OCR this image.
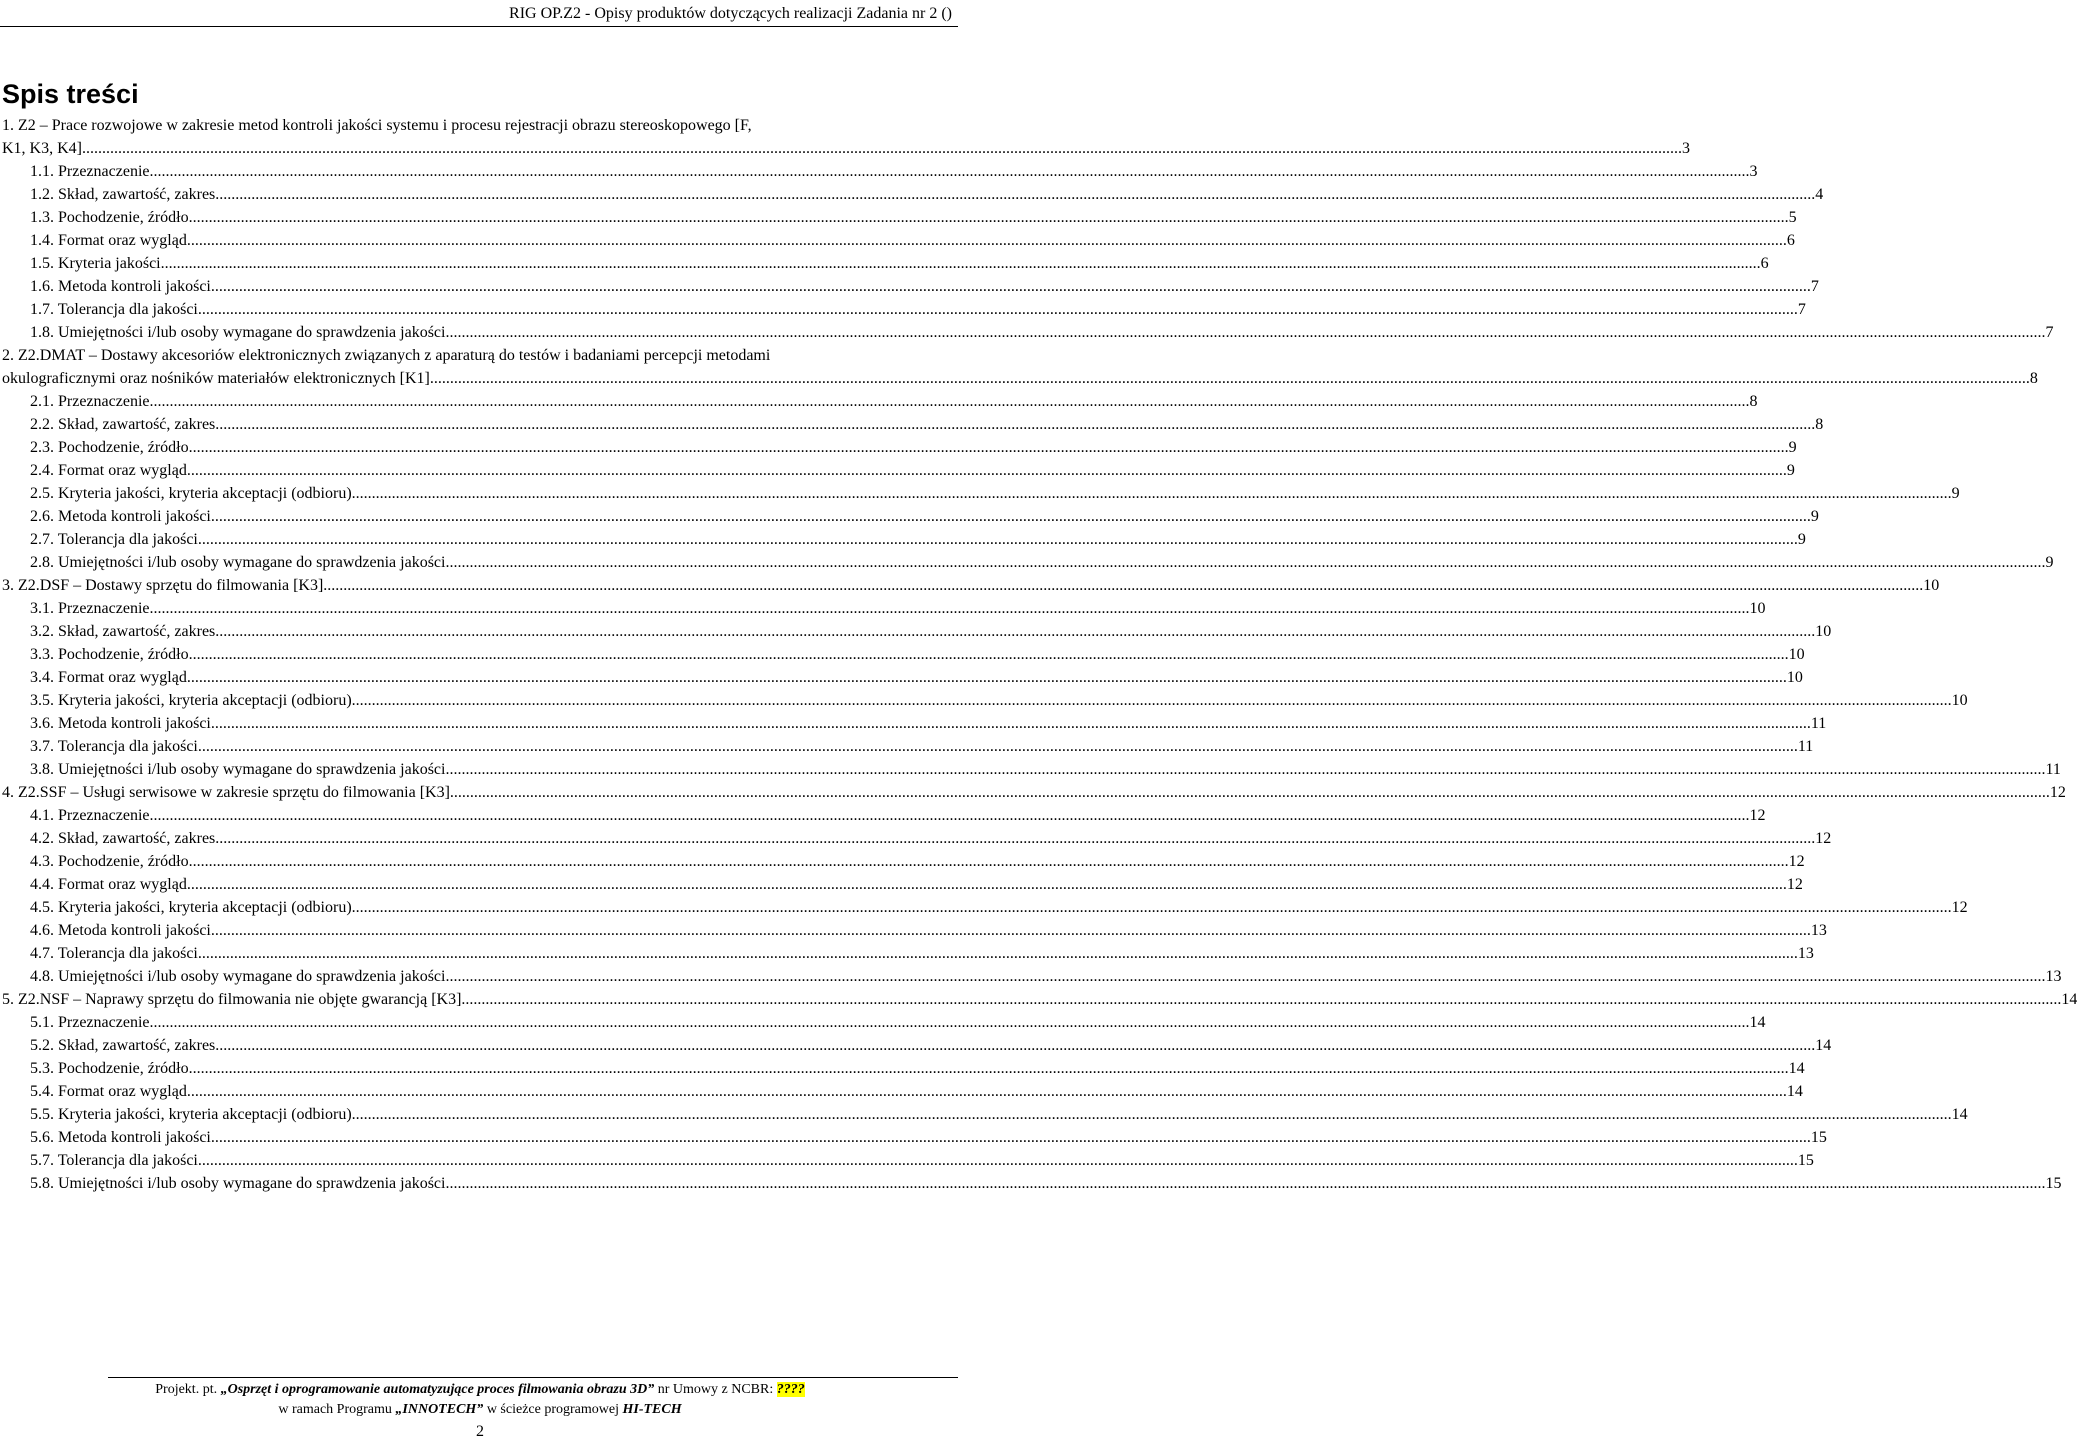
RIG OP.Z2 - Opisy produktów dotyczących realizacji Zadania nr 2 ()
Spis treści
1. Z2 – Prace rozwojowe w zakresie metod kontroli jakości systemu i procesu rejestracji obrazu stereoskopowego [F,
K1, K3, K4] ................................................................................................................................................................................................................................................................................................................................................................................................................ 3
1.1. Przeznaczenie ................................................................................................................................................................................................................................................................................................................................................................................................................ 3
1.2. Skład, zawartość, zakres ................................................................................................................................................................................................................................................................................................................................................................................................................ 4
1.3. Pochodzenie, źródło ................................................................................................................................................................................................................................................................................................................................................................................................................ 5
1.4. Format oraz wygląd ................................................................................................................................................................................................................................................................................................................................................................................................................ 6
1.5. Kryteria jakości ................................................................................................................................................................................................................................................................................................................................................................................................................ 6
1.6. Metoda kontroli jakości ................................................................................................................................................................................................................................................................................................................................................................................................................ 7
1.7. Tolerancja dla jakości ................................................................................................................................................................................................................................................................................................................................................................................................................ 7
1.8. Umiejętności i/lub osoby wymagane do sprawdzenia jakości ................................................................................................................................................................................................................................................................................................................................................................................................................ 7
2. Z2.DMAT – Dostawy akcesoriów elektronicznych związanych z aparaturą do testów i badaniami percepcji metodami
okulograficznymi oraz nośników materiałów elektronicznych [K1] ................................................................................................................................................................................................................................................................................................................................................................................................................ 8
2.1. Przeznaczenie ................................................................................................................................................................................................................................................................................................................................................................................................................ 8
2.2. Skład, zawartość, zakres ................................................................................................................................................................................................................................................................................................................................................................................................................ 8
2.3. Pochodzenie, źródło ................................................................................................................................................................................................................................................................................................................................................................................................................ 9
2.4. Format oraz wygląd ................................................................................................................................................................................................................................................................................................................................................................................................................ 9
2.5. Kryteria jakości, kryteria akceptacji (odbioru) ................................................................................................................................................................................................................................................................................................................................................................................................................ 9
2.6. Metoda kontroli jakości ................................................................................................................................................................................................................................................................................................................................................................................................................ 9
2.7. Tolerancja dla jakości ................................................................................................................................................................................................................................................................................................................................................................................................................ 9
2.8. Umiejętności i/lub osoby wymagane do sprawdzenia jakości ................................................................................................................................................................................................................................................................................................................................................................................................................ 9
3. Z2.DSF – Dostawy sprzętu do filmowania [K3] ................................................................................................................................................................................................................................................................................................................................................................................................................ 10
3.1. Przeznaczenie ................................................................................................................................................................................................................................................................................................................................................................................................................ 10
3.2. Skład, zawartość, zakres ................................................................................................................................................................................................................................................................................................................................................................................................................ 10
3.3. Pochodzenie, źródło ................................................................................................................................................................................................................................................................................................................................................................................................................ 10
3.4. Format oraz wygląd ................................................................................................................................................................................................................................................................................................................................................................................................................ 10
3.5. Kryteria jakości, kryteria akceptacji (odbioru) ................................................................................................................................................................................................................................................................................................................................................................................................................ 10
3.6. Metoda kontroli jakości ................................................................................................................................................................................................................................................................................................................................................................................................................ 11
3.7. Tolerancja dla jakości ................................................................................................................................................................................................................................................................................................................................................................................................................ 11
3.8. Umiejętności i/lub osoby wymagane do sprawdzenia jakości ................................................................................................................................................................................................................................................................................................................................................................................................................ 11
4. Z2.SSF – Usługi serwisowe w zakresie sprzętu do filmowania [K3] ................................................................................................................................................................................................................................................................................................................................................................................................................ 12
4.1. Przeznaczenie ................................................................................................................................................................................................................................................................................................................................................................................................................ 12
4.2. Skład, zawartość, zakres ................................................................................................................................................................................................................................................................................................................................................................................................................ 12
4.3. Pochodzenie, źródło ................................................................................................................................................................................................................................................................................................................................................................................................................ 12
4.4. Format oraz wygląd ................................................................................................................................................................................................................................................................................................................................................................................................................ 12
4.5. Kryteria jakości, kryteria akceptacji (odbioru) ................................................................................................................................................................................................................................................................................................................................................................................................................ 12
4.6. Metoda kontroli jakości ................................................................................................................................................................................................................................................................................................................................................................................................................ 13
4.7. Tolerancja dla jakości ................................................................................................................................................................................................................................................................................................................................................................................................................ 13
4.8. Umiejętności i/lub osoby wymagane do sprawdzenia jakości ................................................................................................................................................................................................................................................................................................................................................................................................................ 13
5. Z2.NSF – Naprawy sprzętu do filmowania nie objęte gwarancją [K3] ................................................................................................................................................................................................................................................................................................................................................................................................................ 14
5.1. Przeznaczenie ................................................................................................................................................................................................................................................................................................................................................................................................................ 14
5.2. Skład, zawartość, zakres ................................................................................................................................................................................................................................................................................................................................................................................................................ 14
5.3. Pochodzenie, źródło ................................................................................................................................................................................................................................................................................................................................................................................................................ 14
5.4. Format oraz wygląd ................................................................................................................................................................................................................................................................................................................................................................................................................ 14
5.5. Kryteria jakości, kryteria akceptacji (odbioru) ................................................................................................................................................................................................................................................................................................................................................................................................................ 14
5.6. Metoda kontroli jakości ................................................................................................................................................................................................................................................................................................................................................................................................................ 15
5.7. Tolerancja dla jakości ................................................................................................................................................................................................................................................................................................................................................................................................................ 15
5.8. Umiejętności i/lub osoby wymagane do sprawdzenia jakości ................................................................................................................................................................................................................................................................................................................................................................................................................ 15
Projekt. pt. „Osprzęt i oprogramowanie automatyzujące proces filmowania obrazu 3D” nr Umowy z NCBR: ????
w ramach Programu „INNOTECH” w ścieżce programowej HI-TECH
2
